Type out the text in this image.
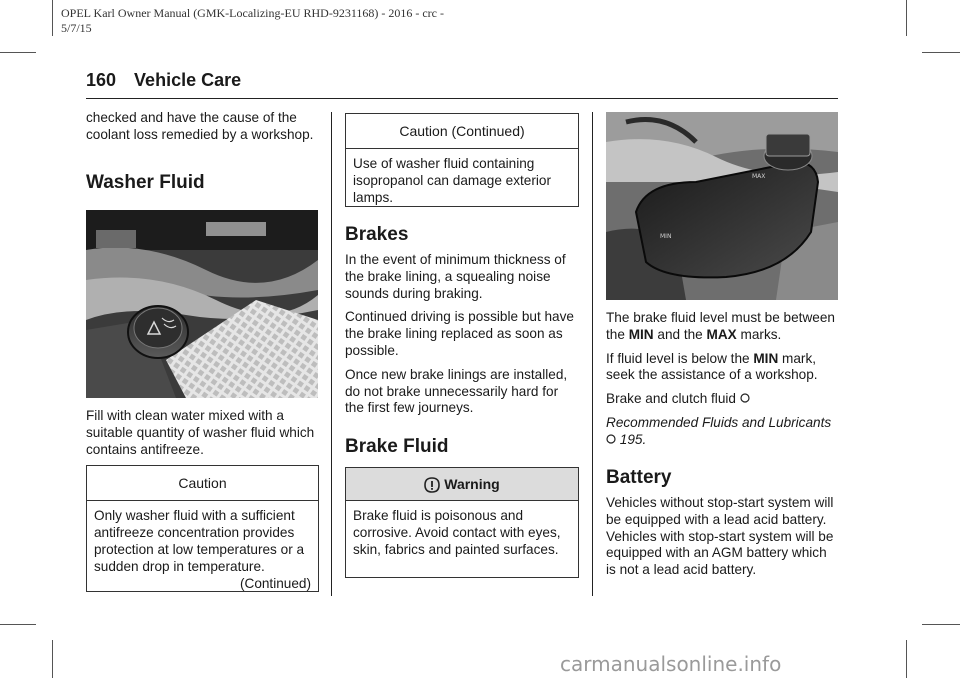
OPEL Karl Owner Manual (GMK-Localizing-EU RHD-9231168) - 2016 - crc -
5/7/15
160 Vehicle Care
checked and have the cause of the coolant loss remedied by a workshop.
Washer Fluid
Fill with clean water mixed with a suitable quantity of washer fluid which contains antifreeze.
Caution
Only washer fluid with a sufficient antifreeze concentration provides protection at low temperatures or a sudden drop in temperature.
(Continued)
Caution (Continued)
Use of washer fluid containing isopropanol can damage exterior lamps.
Brakes

In the event of minimum thickness of the brake lining, a squealing noise sounds during braking.

Continued driving is possible but have the brake lining replaced as soon as possible.

Once new brake linings are installed, do not brake unnecessarily hard for the first few journeys.

Brake Fluid
Warning
Brake fluid is poisonous and corrosive. Avoid contact with eyes, skin, fabrics and painted surfaces.
MAX
MIN

The brake fluid level must be between the MIN and the MAX marks.

If fluid level is below the MIN mark, seek the assistance of a workshop.

Brake and clutch fluid

Recommended Fluids and Lubricants  195.

Battery
Vehicles without stop-start system will be equipped with a lead acid battery. Vehicles with stop-start system will be equipped with an AGM battery which is not a lead acid battery.
carmanualsonline.info
